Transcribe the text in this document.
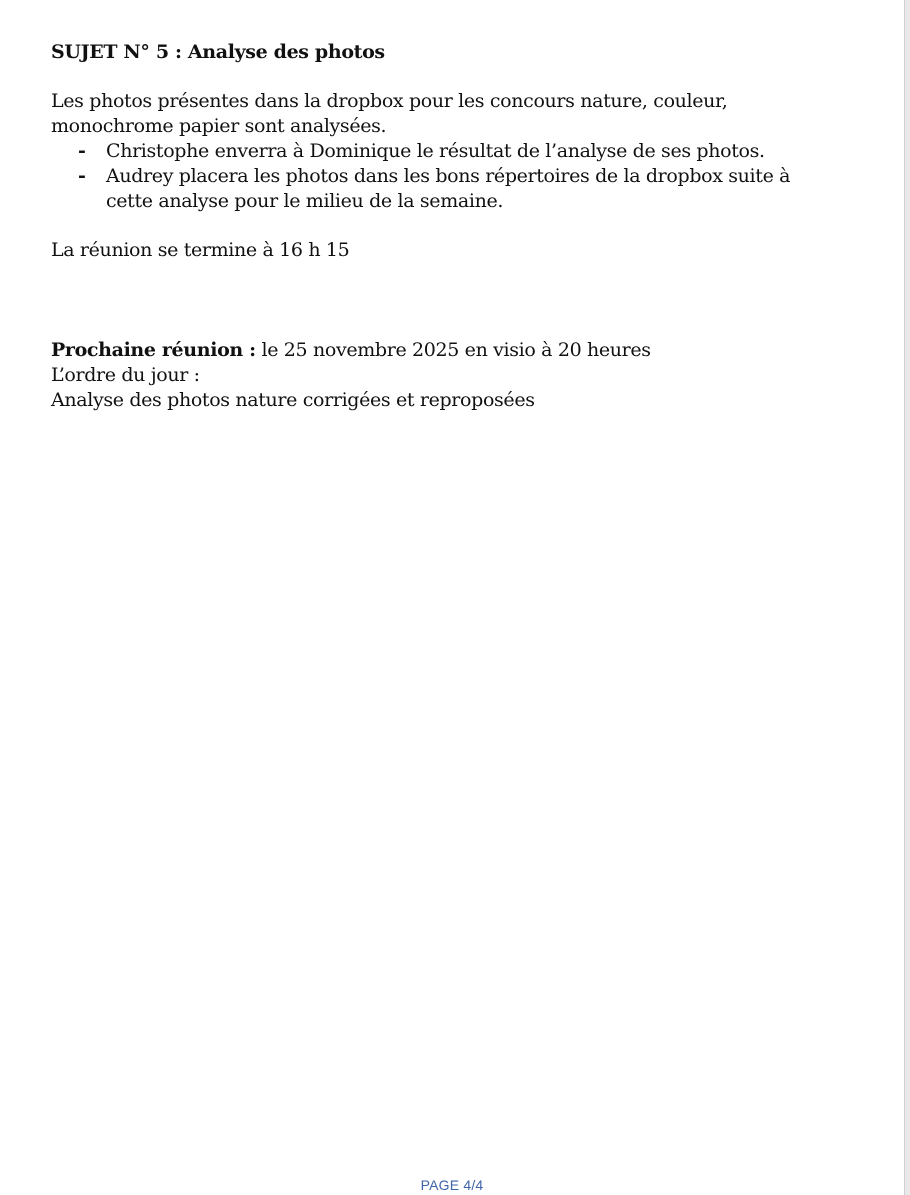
SUJET N° 5 : Analyse des photos

Les photos présentes dans la dropbox pour les concours nature, couleur, monochrome papier sont analysées.

- Christophe enverra à Dominique le résultat de l’analyse de ses photos.
- Audrey placera les photos dans les bons répertoires de la dropbox suite à cette analyse pour le milieu de la semaine.

La réunion se termine à 16 h 15

Prochaine réunion : le 25 novembre 2025 en visio à 20 heures

L’ordre du jour :

Analyse des photos nature corrigées et reproposées

PAGE 4/4
